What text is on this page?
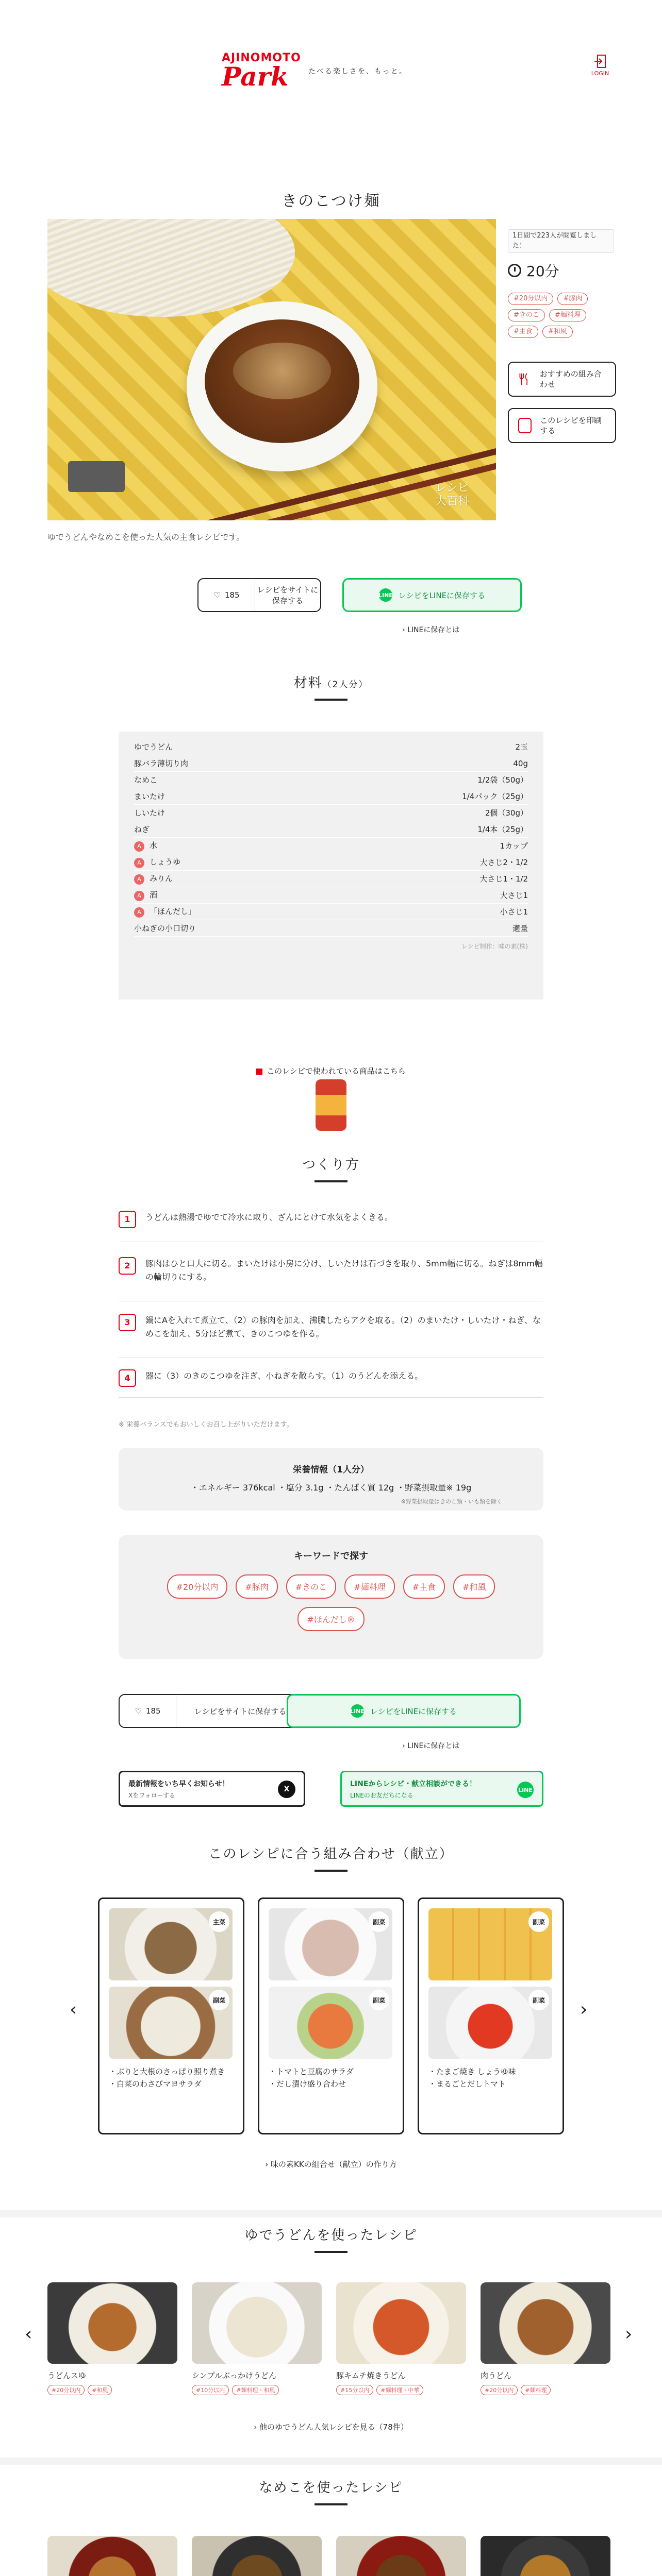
AJINOMOTO
Park	たべる楽しさを、もっと。	LOGIN
きのこつけ麺
レシピ大百科
1日間で223人が閲覧しました！
20分
#20分以内	#豚肉
#きのこ	#麺料理
#主食	#和風
おすすめの組み合わせ
このレシピを印刷する
ゆでうどんやなめこを使った人気の主食レシピです。
♡ 185
レシピをサイトに保存する
LINE レシピをLINEに保存する
› LINEに保存とは
材料（2人分）
ゆでうどん	2玉
豚バラ薄切り肉	40g
なめこ	1/2袋（50g）
まいたけ	1/4パック（25g）
しいたけ	2個（30g）
ねぎ	1/4本（25g）
A 水	1カップ
A しょうゆ	大さじ2・1/2
A みりん	大さじ1・1/2
A 酒	大さじ1
A 「ほんだし」	小さじ1
小ねぎの小口切り	適量
レシピ制作：味の素(株)
このレシピで使われている商品はこちら
つくり方
1	うどんは熱湯でゆでて冷水に取り、ざんにとけて水気をよくきる。
2	豚肉はひと口大に切る。まいたけは小房に分け、しいたけは石づきを取り、5mm幅に切る。ねぎは8mm幅の輪切りにする。
3	鍋にAを入れて煮立て、（2）の豚肉を加え、沸騰したらアクを取る。（2）のまいたけ・しいたけ・ねぎ、なめこを加え、5分ほど煮て、きのこつゆを作る。
4	器に（3）のきのこつゆを注ぎ、小ねぎを散らす。（1）のうどんを添える。
※ 栄養バランスでもおいしくお召し上がりいただけます。
栄養情報（1人分）

・エネルギー 376kcal ・塩分 3.1g ・たんぱく質 12g ・野菜摂取量※ 19g

※野菜摂取量はきのこ類・いも類を除く
キーワードで探す
#20分以内	#豚肉	#きのこ	#麺料理	#主食	#和風
#ほんだし®
♡ 185	レシピをサイトに保存する	LINE レシピをLINEに保存する
› LINEに保存とは
最新情報をいち早くお知らせ！
Xをフォローする
X
LINEからレシピ・献立相談ができる！
LINEのお友だちになる
LINE
このレシピに合う組み合わせ（献立）
‹	›
主菜
副菜
・ぶりと大根のさっぱり照り煮き
・白菜のわさびマヨサラダ
副菜
副菜
・トマトと豆腐のサラダ
・だし漬け盛り合わせ
副菜
副菜
・たまご焼き しょうゆ味
・まるごとだしトマト
› 味の素KKの組合せ（献立）の作り方
ゆでうどんを使ったレシピ
‹	›
うどんスゆ
#20分以内	#和風
シンプルぶっかけうどん
#10分以内	#麺料理・和風
豚キムチ焼きうどん
#15分以内	#麺料理・中華
肉うどん
#20分以内	#麺料理
› 他のゆでうどん人気レシピを見る（78件）
なめこを使ったレシピ
